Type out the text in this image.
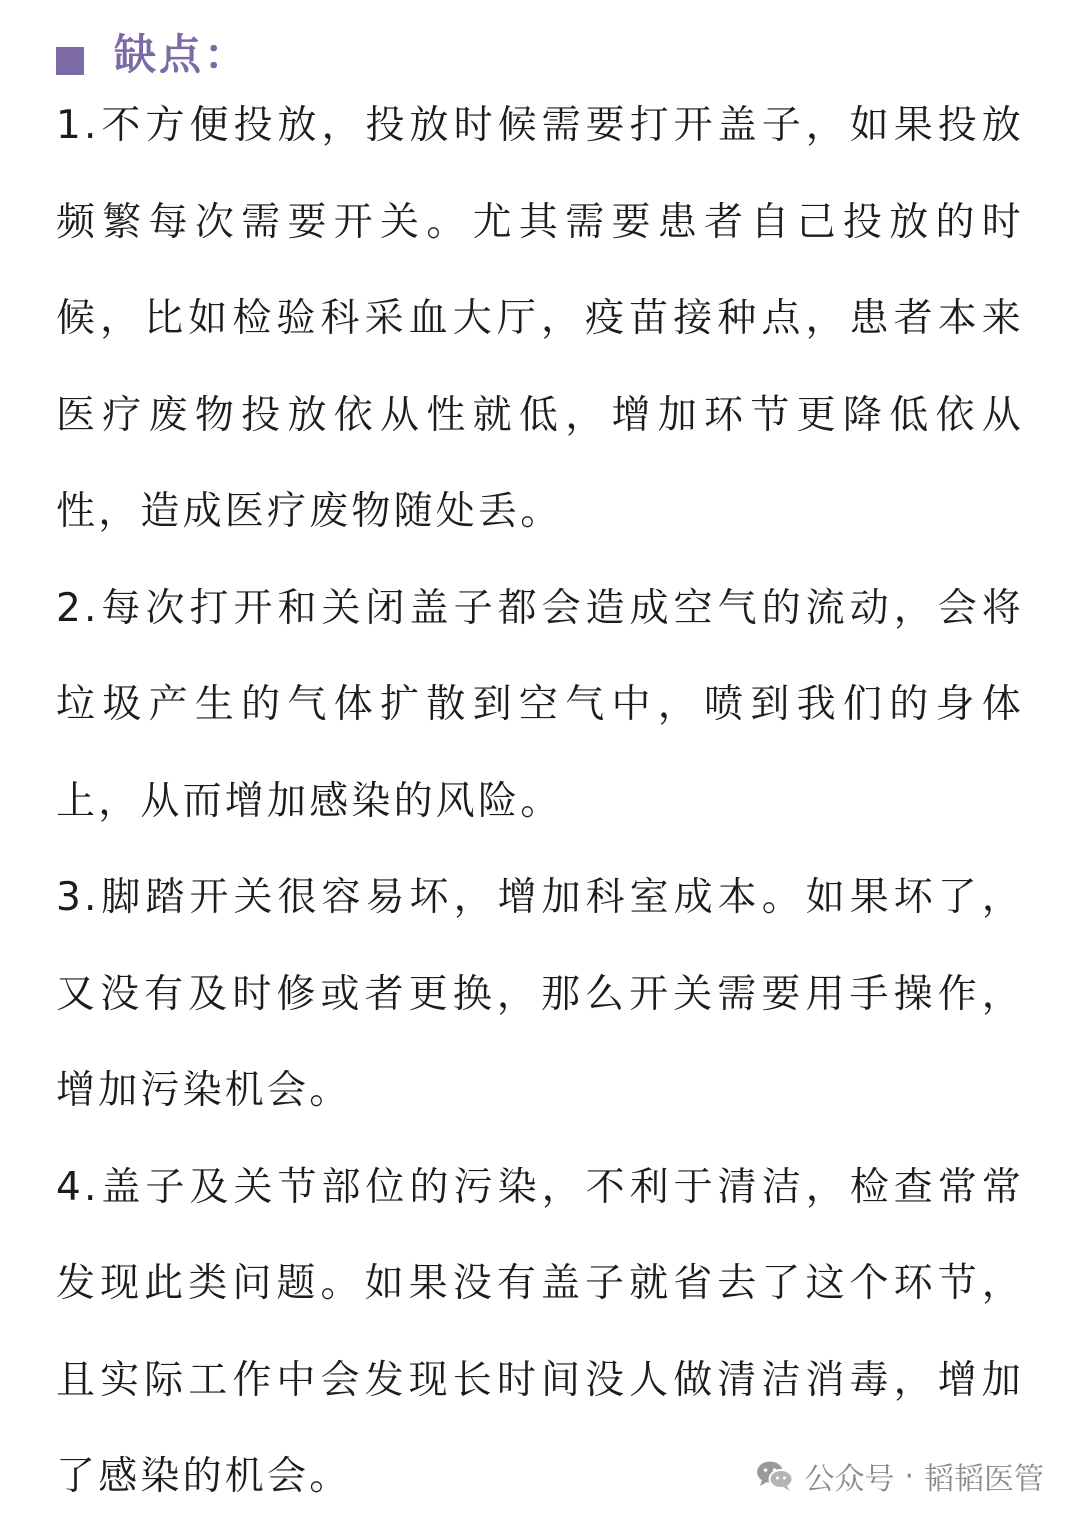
缺点：

1.不方便投放，投放时候需要打开盖子，如果投放频繁每次需要开关。尤其需要患者自己投放的时候，比如检验科采血大厅，疫苗接种点，患者本来医疗废物投放依从性就低，增加环节更降低依从性，造成医疗废物随处丢。

2.每次打开和关闭盖子都会造成空气的流动，会将垃圾产生的气体扩散到空气中，喷到我们的身体上，从而增加感染的风险。

3.脚踏开关很容易坏，增加科室成本。如果坏了，又没有及时修或者更换，那么开关需要用手操作，增加污染机会。

4.盖子及关节部位的污染，不利于清洁，检查常常发现此类问题。如果没有盖子就省去了这个环节，且实际工作中会发现长时间没人做清洁消毒，增加了感染的机会。	公众号 · 韬韬医管
